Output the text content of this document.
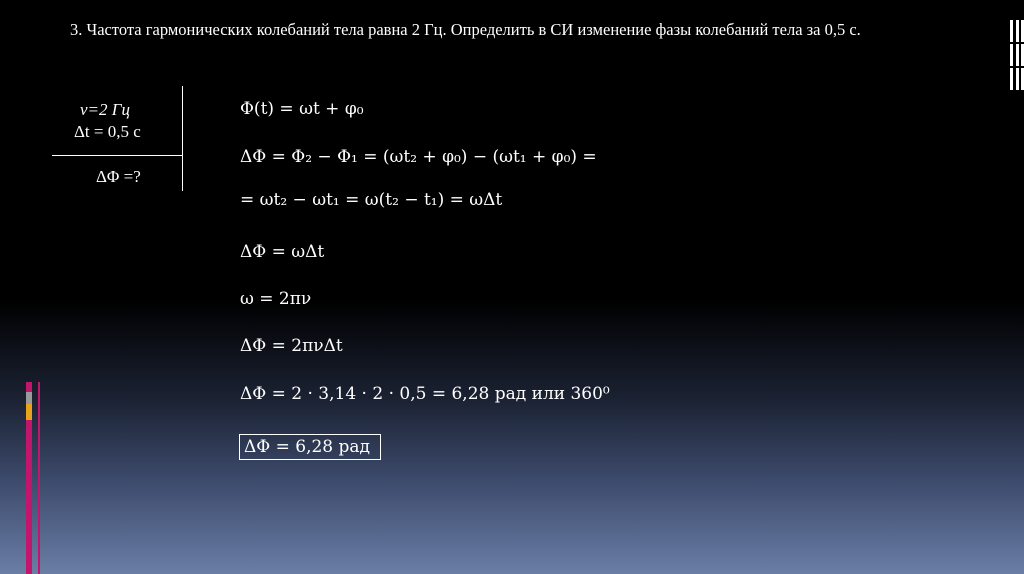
3. Частота гармонических колебаний тела равна 2 Гц. Определить в СИ изменение фазы колебаний тела за 0,5 с.
ν=2 Гц
Δt = 0,5 с
ΔΦ =?
Φ(t) = ωt + φ₀
ΔΦ = Φ₂ − Φ₁ = (ωt₂ + φ₀) − (ωt₁ + φ₀) =
= ωt₂ − ωt₁ = ω(t₂ − t₁) = ωΔt
ΔΦ = ωΔt
ω = 2πν
ΔΦ = 2πνΔt
ΔΦ = 2 · 3,14 · 2 · 0,5 = 6,28 рад или 360⁰
ΔΦ = 6,28 рад
